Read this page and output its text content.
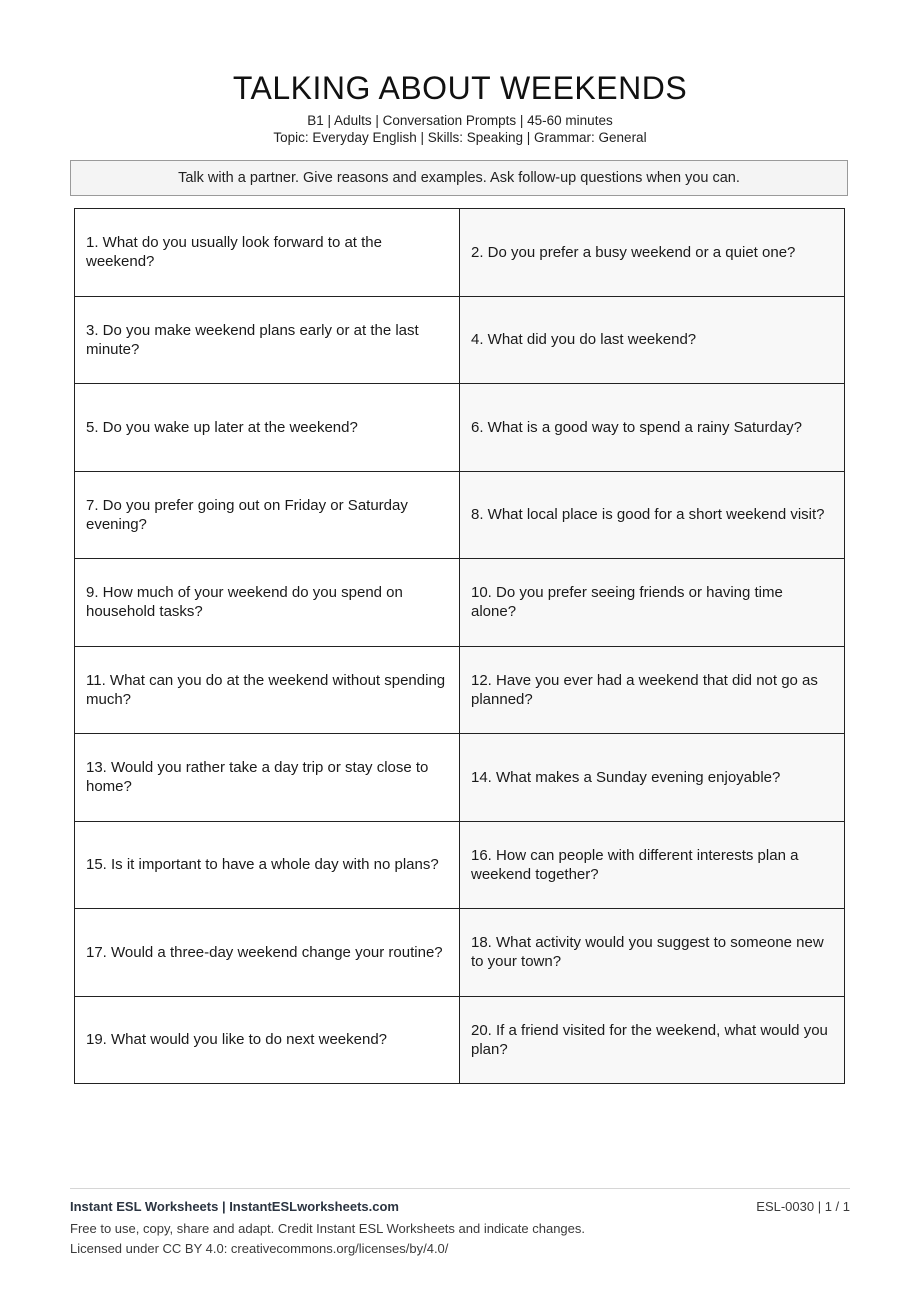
TALKING ABOUT WEEKENDS
B1 | Adults | Conversation Prompts | 45-60 minutes
Topic: Everyday English | Skills: Speaking | Grammar: General
Talk with a partner. Give reasons and examples. Ask follow-up questions when you can.
1. What do you usually look forward to at the weekend?	2. Do you prefer a busy weekend or a quiet one?
3. Do you make weekend plans early or at the last minute?	4. What did you do last weekend?
5. Do you wake up later at the weekend?	6. What is a good way to spend a rainy Saturday?
7. Do you prefer going out on Friday or Saturday evening?	8. What local place is good for a short weekend visit?
9. How much of your weekend do you spend on household tasks?	10. Do you prefer seeing friends or having time alone?
11. What can you do at the weekend without spending much?	12. Have you ever had a weekend that did not go as planned?
13. Would you rather take a day trip or stay close to home?	14. What makes a Sunday evening enjoyable?
15. Is it important to have a whole day with no plans?	16. How can people with different interests plan a weekend together?
17. Would a three-day weekend change your routine?	18. What activity would you suggest to someone new to your town?
19. What would you like to do next weekend?	20. If a friend visited for the weekend, what would you plan?
Instant ESL Worksheets | InstantESLworksheets.com	ESL-0030 | 1 / 1
Free to use, copy, share and adapt. Credit Instant ESL Worksheets and indicate changes.
Licensed under CC BY 4.0: creativecommons.org/licenses/by/4.0/
